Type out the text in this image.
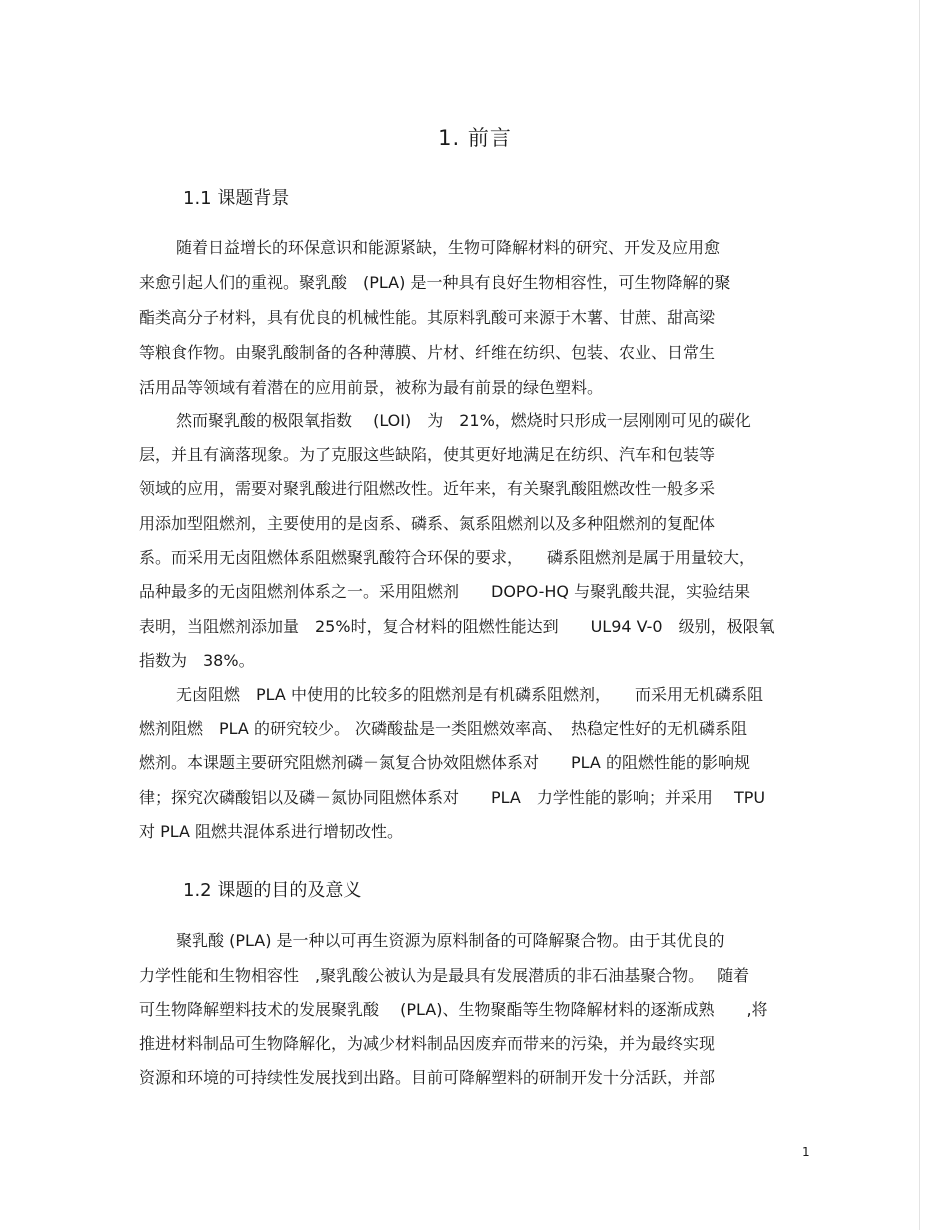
1. 前言
1.1 课题背景
随着日益增长的环保意识和能源紧缺，生物可降解材料的研究、开发及应用愈
来愈引起人们的重视。聚乳酸　(PLA) 是一种具有良好生物相容性，可生物降解的聚
酯类高分子材料，具有优良的机械性能。其原料乳酸可来源于木薯、甘蔗、甜高梁
等粮食作物。由聚乳酸制备的各种薄膜、片材、纤维在纺织、包装、农业、日常生
活用品等领域有着潜在的应用前景，被称为最有前景的绿色塑料。
然而聚乳酸的极限氧指数　 (LOI)　为　21%，燃烧时只形成一层刚刚可见的碳化
层，并且有滴落现象。为了克服这些缺陷，使其更好地满足在纺织、汽车和包装等
领域的应用，需要对聚乳酸进行阻燃改性。近年来，有关聚乳酸阻燃改性一般多采
用添加型阻燃剂，主要使用的是卤系、磷系、氮系阻燃剂以及多种阻燃剂的复配体
系。而采用无卤阻燃体系阻燃聚乳酸符合环保的要求，　　磷系阻燃剂是属于用量较大，
品种最多的无卤阻燃剂体系之一。采用阻燃剂　　DOPO-HQ 与聚乳酸共混，实验结果
表明，当阻燃剂添加量　25%时，复合材料的阻燃性能达到　　UL94 V-0　级别，极限氧
指数为　38%。
无卤阻燃　PLA 中使用的比较多的阻燃剂是有机磷系阻燃剂，　　而采用无机磷系阻
燃剂阻燃　PLA 的研究较少。 次磷酸盐是一类阻燃效率高、　热稳定性好的无机磷系阻
燃剂。本课题主要研究阻燃剂磷－氮复合协效阻燃体系对　　PLA 的阻燃性能的影响规
律；探究次磷酸铝以及磷－氮协同阻燃体系对　　PLA　力学性能的影响；并采用　 TPU
对 PLA 阻燃共混体系进行增韧改性。
1.2 课题的目的及意义
聚乳酸 (PLA) 是一种以可再生资源为原料制备的可降解聚合物。由于其优良的
力学性能和生物相容性　,聚乳酸公被认为是最具有发展潜质的非石油基聚合物。　 随着
可生物降解塑料技术的发展聚乳酸　 (PLA)、生物聚酯等生物降解材料的逐渐成熟　　,将
推进材料制品可生物降解化，为减少材料制品因废弃而带来的污染，并为最终实现
资源和环境的可持续性发展找到出路。目前可降解塑料的研制开发十分活跃，并部
1
